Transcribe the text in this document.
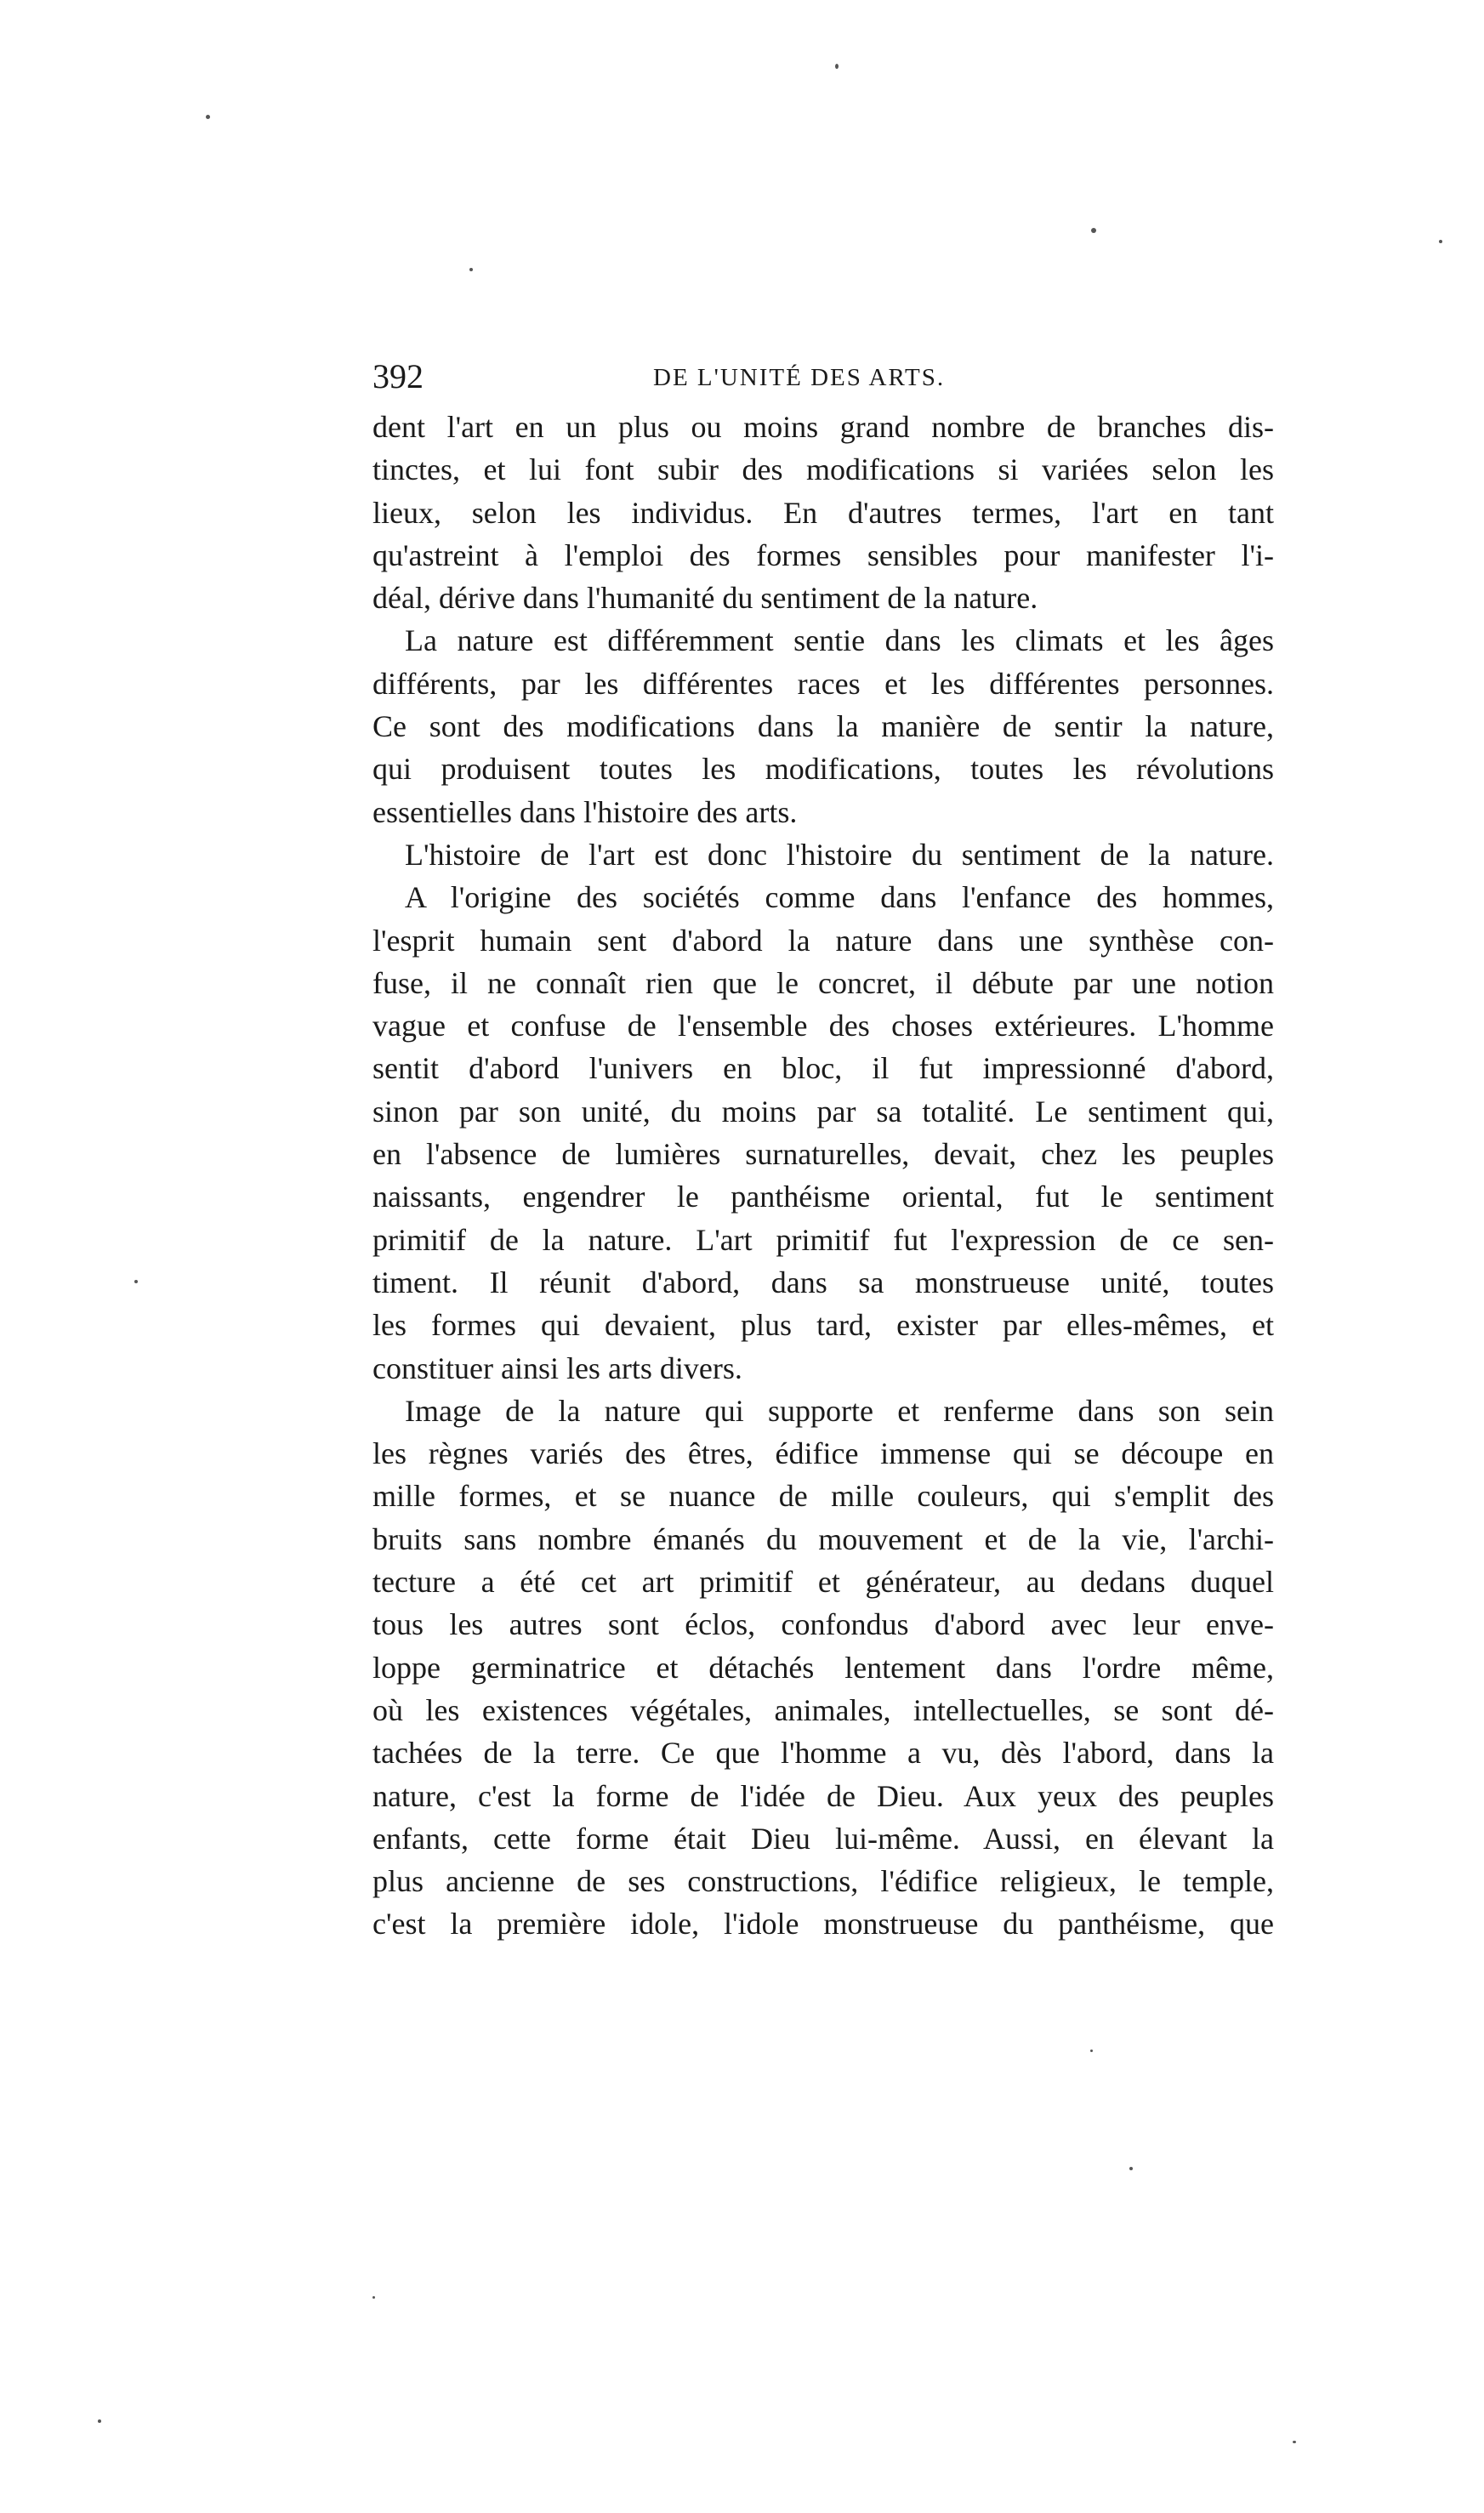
392	DE L'UNITÉ DES ARTS.
dent l'art en un plus ou moins grand nombre de branches dis-
tinctes, et lui font subir des modifications si variées selon les
lieux, selon les individus. En d'autres termes, l'art en tant
qu'astreint à l'emploi des formes sensibles pour manifester l'i-
déal, dérive dans l'humanité du sentiment de la nature.
La nature est différemment sentie dans les climats et les âges
différents, par les différentes races et les différentes personnes.
Ce sont des modifications dans la manière de sentir la nature,
qui produisent toutes les modifications, toutes les révolutions
essentielles dans l'histoire des arts.
L'histoire de l'art est donc l'histoire du sentiment de la nature.
A l'origine des sociétés comme dans l'enfance des hommes,
l'esprit humain sent d'abord la nature dans une synthèse con-
fuse, il ne connaît rien que le concret, il débute par une notion
vague et confuse de l'ensemble des choses extérieures. L'homme
sentit d'abord l'univers en bloc, il fut impressionné d'abord,
sinon par son unité, du moins par sa totalité. Le sentiment qui,
en l'absence de lumières surnaturelles, devait, chez les peuples
naissants, engendrer le panthéisme oriental, fut le sentiment
primitif de la nature. L'art primitif fut l'expression de ce sen-
timent. Il réunit d'abord, dans sa monstrueuse unité, toutes
les formes qui devaient, plus tard, exister par elles-mêmes, et
constituer ainsi les arts divers.
Image de la nature qui supporte et renferme dans son sein
les règnes variés des êtres, édifice immense qui se découpe en
mille formes, et se nuance de mille couleurs, qui s'emplit des
bruits sans nombre émanés du mouvement et de la vie, l'archi-
tecture a été cet art primitif et générateur, au dedans duquel
tous les autres sont éclos, confondus d'abord avec leur enve-
loppe germinatrice et détachés lentement dans l'ordre même,
où les existences végétales, animales, intellectuelles, se sont dé-
tachées de la terre. Ce que l'homme a vu, dès l'abord, dans la
nature, c'est la forme de l'idée de Dieu. Aux yeux des peuples
enfants, cette forme était Dieu lui-même. Aussi, en élevant la
plus ancienne de ses constructions, l'édifice religieux, le temple,
c'est la première idole, l'idole monstrueuse du panthéisme, que
